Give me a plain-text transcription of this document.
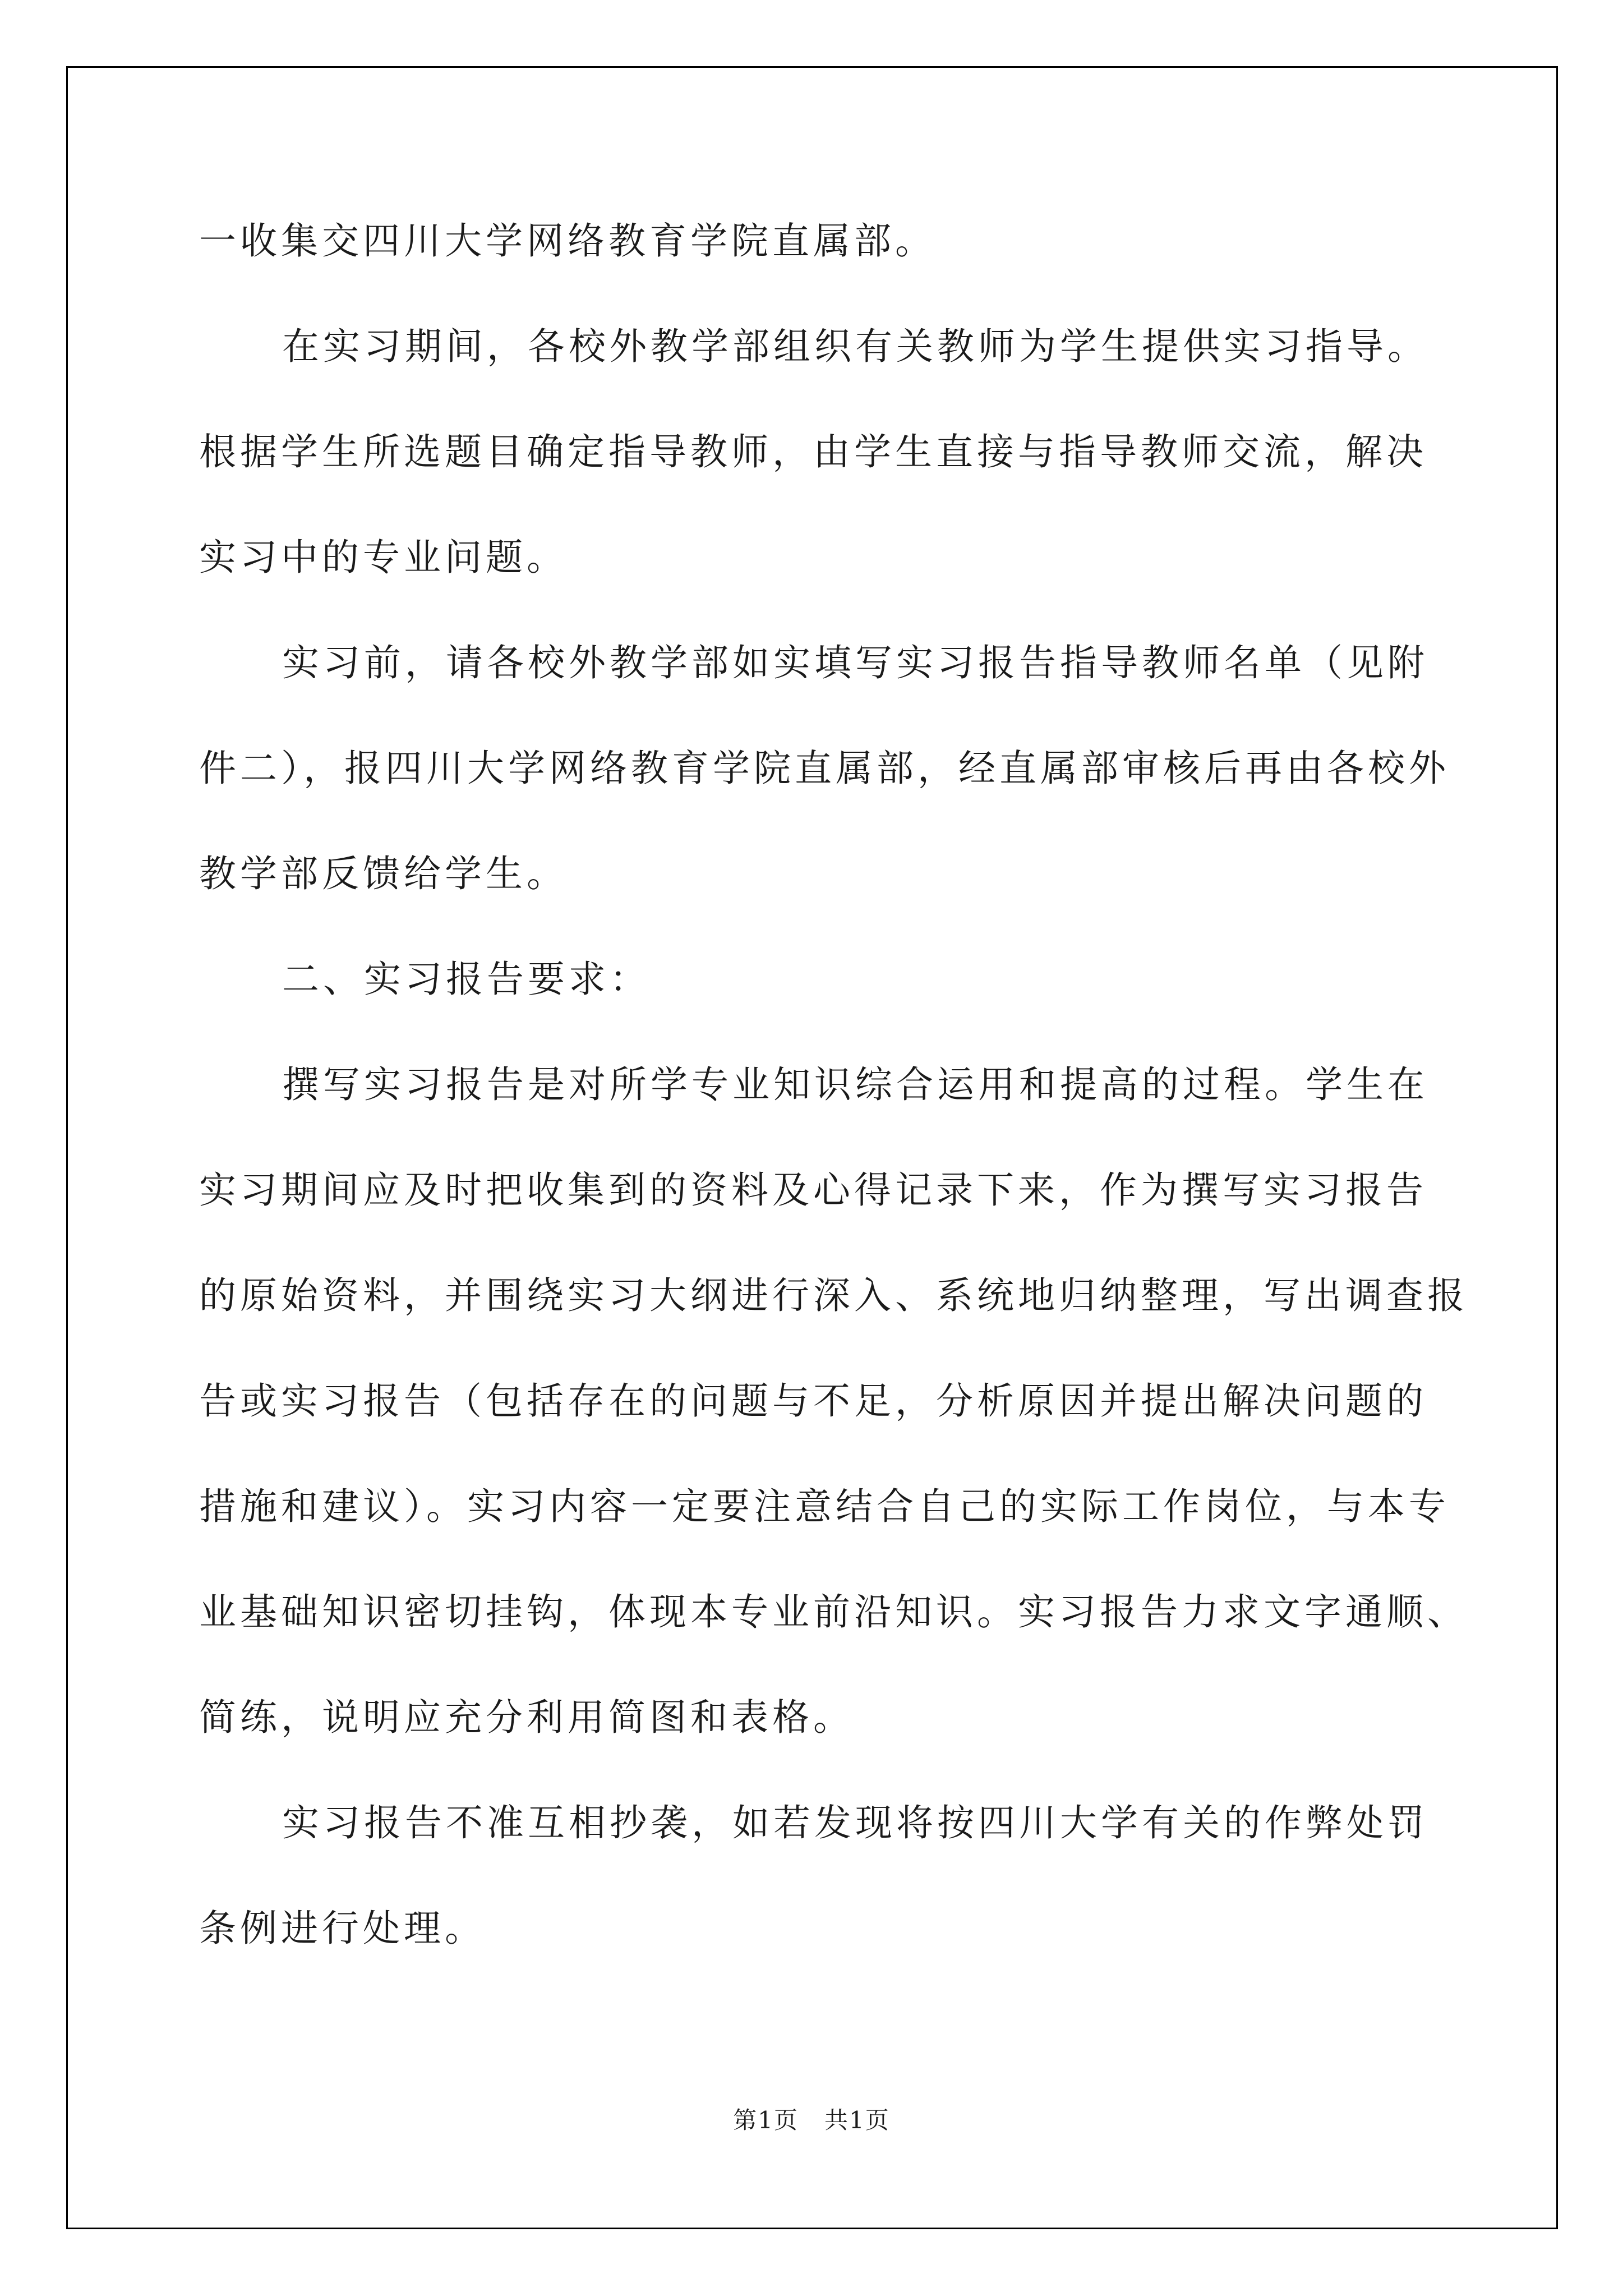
一收集交四川大学网络教育学院直属部。
在实习期间，各校外教学部组织有关教师为学生提供实习指导。
根据学生所选题目确定指导教师，由学生直接与指导教师交流，解决
实习中的专业问题。
实习前，请各校外教学部如实填写实习报告指导教师名单（见附
件二），报四川大学网络教育学院直属部，经直属部审核后再由各校外
教学部反馈给学生。
二、实习报告要求：
撰写实习报告是对所学专业知识综合运用和提高的过程。学生在
实习期间应及时把收集到的资料及心得记录下来，作为撰写实习报告
的原始资料，并围绕实习大纲进行深入、系统地归纳整理，写出调查报
告或实习报告（包括存在的问题与不足，分析原因并提出解决问题的
措施和建议）。实习内容一定要注意结合自己的实际工作岗位，与本专
业基础知识密切挂钩，体现本专业前沿知识。实习报告力求文字通顺、
简练，说明应充分利用简图和表格。
实习报告不准互相抄袭，如若发现将按四川大学有关的作弊处罚
条例进行处理。
第1页   共1页
